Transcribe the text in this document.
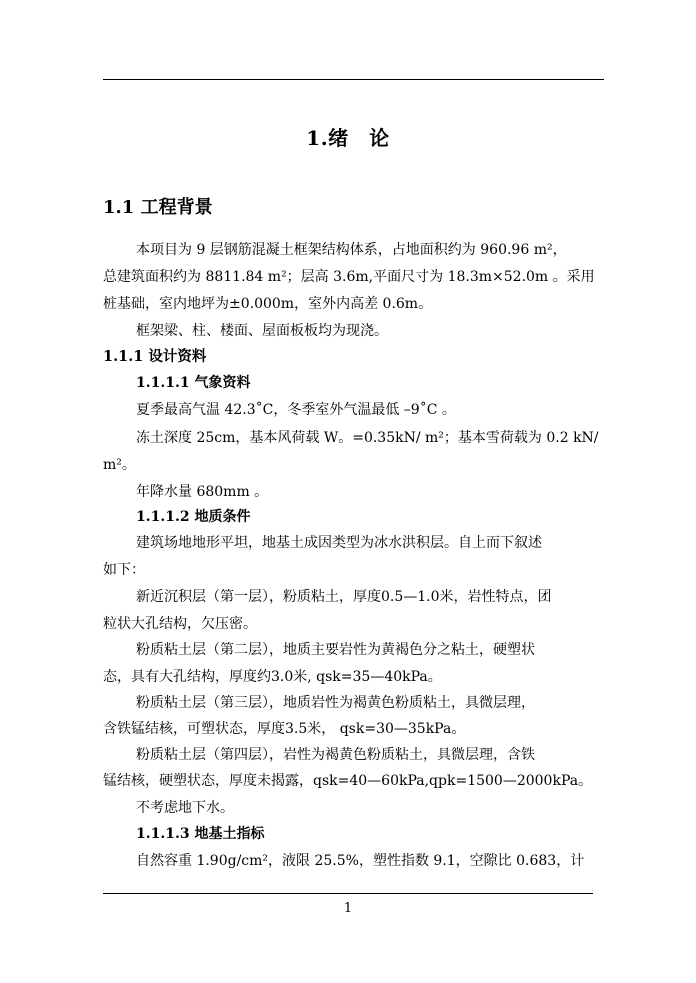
1.绪　论
1.1 工程背景
本项目为 9 层钢筋混凝土框架结构体系，占地面积约为 960.96 m²，
总建筑面积约为 8811.84 m²；层高 3.6m,平面尺寸为 18.3m×52.0m 。采用
桩基础，室内地坪为±0.000m，室外内高差 0.6m。
框架梁、柱、楼面、屋面板板均为现浇。
1.1.1 设计资料
1.1.1.1 气象资料
夏季最高气温 42.3˚C，冬季室外气温最低 –9˚C 。
冻土深度 25cm，基本风荷载 W。=0.35kN/ m²；基本雪荷载为 0.2 kN/
m²。
年降水量 680mm 。
1.1.1.2 地质条件
建筑场地地形平坦，地基土成因类型为冰水洪积层。自上而下叙述
如下：
新近沉积层（第一层），粉质粘土，厚度0.5—1.0米，岩性特点，团
粒状大孔结构，欠压密。
粉质粘土层（第二层），地质主要岩性为黄褐色分之粘土，硬塑状
态，具有大孔结构，厚度约3.0米, qsk=35—40kPa。
粉质粘土层（第三层），地质岩性为褐黄色粉质粘土，具微层理，
含铁锰结核，可塑状态，厚度3.5米， qsk=30—35kPa。
粉质粘土层（第四层），岩性为褐黄色粉质粘土，具微层理，含铁
锰结核，硬塑状态，厚度未揭露，qsk=40—60kPa,qpk=1500—2000kPa。
不考虑地下水。
1.1.1.3 地基土指标
自然容重 1.90g/cm²，液限 25.5%，塑性指数 9.1，空隙比 0.683，计
1
